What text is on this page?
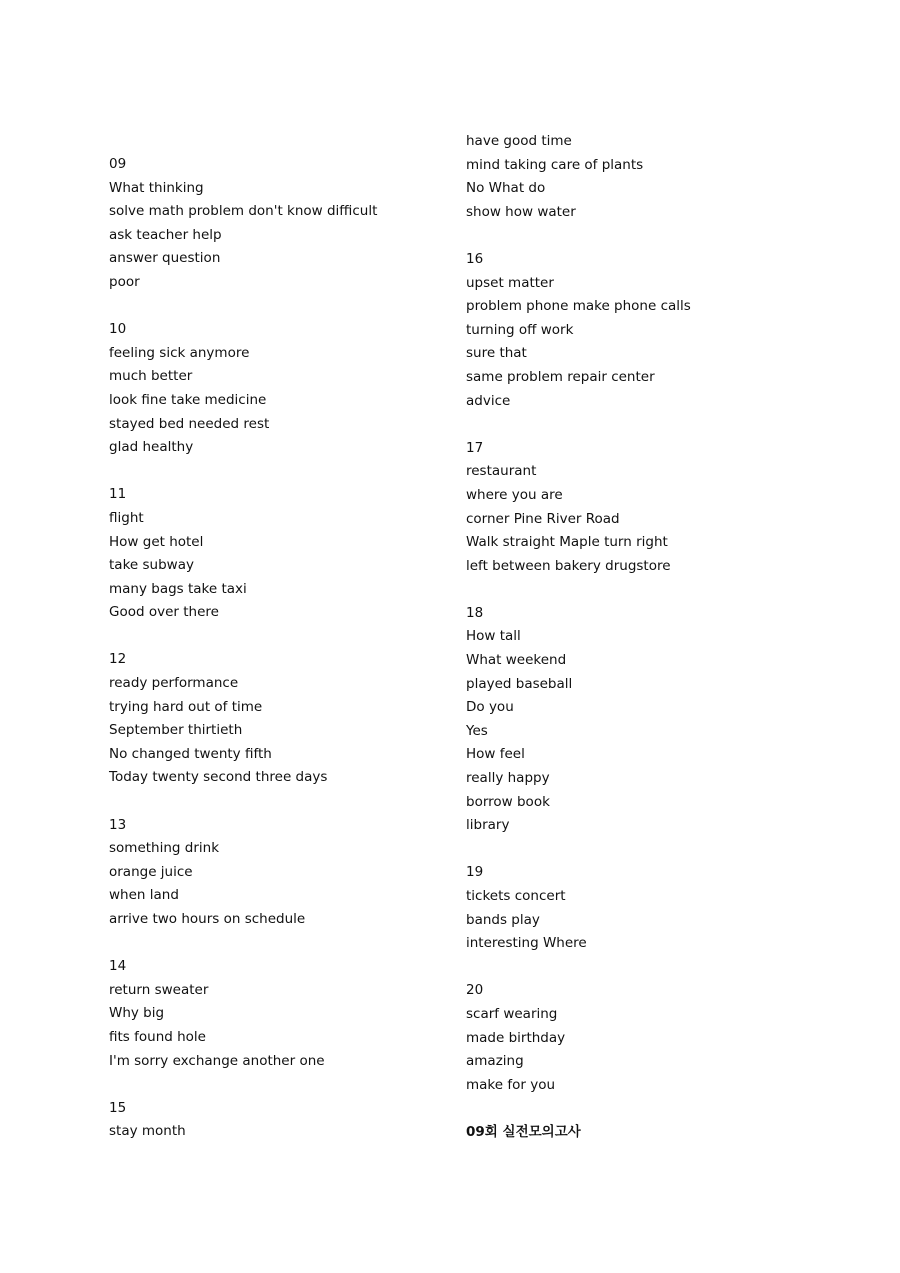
09
What thinking
solve math problem don't know difficult
ask teacher help
answer question
poor
10
feeling sick anymore
much better
look fine take medicine
stayed bed needed rest
glad healthy
11
flight
How get hotel
take subway
many bags take taxi
Good over there
12
ready performance
trying hard out of time
September thirtieth
No changed twenty fifth
Today twenty second three days
13
something drink
orange juice
when land
arrive two hours on schedule
14
return sweater
Why big
fits found hole
I'm sorry exchange another one
15
stay month
have good time
mind taking care of plants
No What do
show how water
16
upset matter
problem phone make phone calls
turning off work
sure that
same problem repair center
advice
17
restaurant
where you are
corner Pine River Road
Walk straight Maple turn right
left between bakery drugstore
18
How tall
What weekend
played baseball
Do you
Yes
How feel
really happy
borrow book
library
19
tickets concert
bands play
interesting Where
20
scarf wearing
made birthday
amazing
make for you
09회 실전모의고사
